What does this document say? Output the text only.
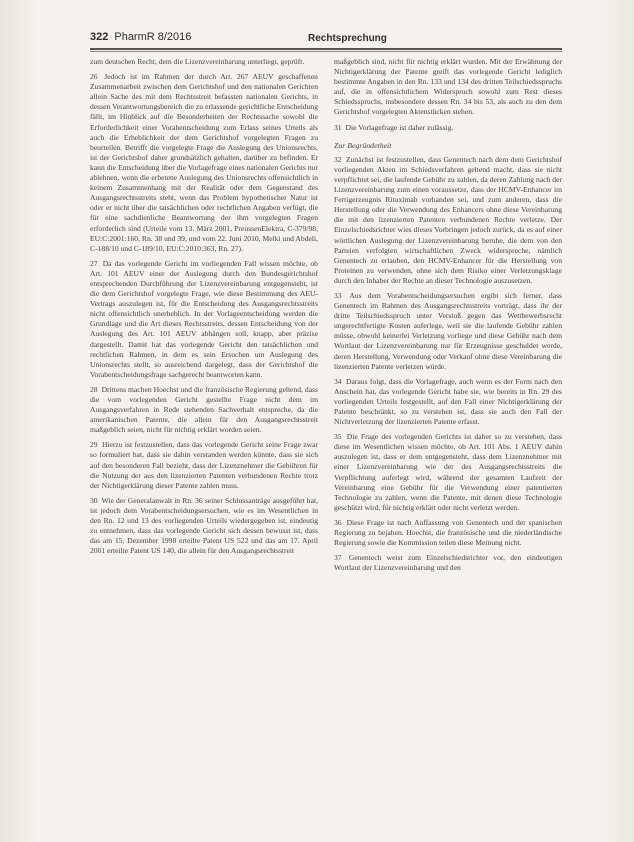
322 PharmR 8/2016	Rechtsprechung

zum deutschen Recht, dem die Lizenzvereinbarung unterliegt, geprüft.

26 Jedoch ist im Rahmen der durch Art. 267 AEUV geschaffenen Zusammenarbeit zwischen dem Gerichtshof und den nationalen Gerichten allein Sache des mit dem Rechtsstreit befassten nationalen Gerichts, in dessen Verantwortungsbereich die zu erlassende gerichtliche Entscheidung fällt, im Hinblick auf die Besonderheiten der Rechtssache sowohl die Erforderlichkeit einer Vorabentscheidung zum Erlass seines Urteils als auch die Erheblichkeit der dem Gerichtshof vorgelegten Fragen zu beurteilen. Betrifft die vorgelegte Frage die Auslegung des Unionsrechts, ist der Gerichtshof daher grundsätzlich gehalten, darüber zu befinden. Er kann die Entscheidung über die Vorlagefrage eines nationalen Gerichts nur ablehnen, wenn die erbetene Auslegung des Unionsrechts offensichtlich in keinem Zusammenhang mit der Realität oder dem Gegenstand des Ausgangsrechtsstreits steht, wenn das Problem hypothetischer Natur ist oder er nicht über die tatsächlichen oder rechtlichen Angaben verfügt, die für eine sachdienliche Beantwortung der ihm vorgelegten Fragen erforderlich sind (Urteile vom 13. März 2001, PreussenElektra, C-379/98, EU:C:2001:160, Rn. 38 und 39, und vom 22. Juni 2010, Melki und Abdeli, C-188/10 und C-189/10, EU:C:2010:363, Rn. 27).

27 Da das vorlegende Gericht im vorliegenden Fall wissen möchte, ob Art. 101 AEUV einer der Auslegung durch den Bundesgerichtshof entsprechenden Durchführung der Lizenzvereinbarung entgegensteht, ist die dem Gerichtshof vorgelegte Frage, wie diese Bestimmung des AEU-Vertrags auszulegen ist, für die Entscheidung des Ausgangsrechtsstreits nicht offensichtlich unerheblich. In der Vorlageentscheidung werden die Grundlage und die Art dieses Rechtsstreits, dessen Entscheidung von der Auslegung des Art. 101 AEUV abhängen soll, knapp, aber präzise dargestellt. Damit hat das vorlegende Gericht den tatsächlichen und rechtlichen Rahmen, in dem es sein Ersuchen um Auslegung des Unionsrechts stellt, so ausreichend dargelegt, dass der Gerichtshof die Vorabentscheidungsfrage sachgerecht beantworten kann.

28 Drittens machen Hoechst und die französische Regierung geltend, dass die vom vorlegenden Gericht gestellte Frage nicht dem im Ausgangsverfahren in Rede stehenden Sachverhalt entspreche, da die amerikanischen Patente, die allein für den Ausgangsrechtsstreit maßgeblich seien, nicht für nichtig erklärt worden seien.

29 Hierzu ist festzustellen, dass das vorlegende Gericht seine Frage zwar so formuliert hat, dass sie dahin verstanden werden könnte, dass sie sich auf den besonderen Fall bezieht, dass der Lizenznehmer die Gebühren für die Nutzung der aus den lizenzierten Patenten verbundenen Rechte trotz der Nichtigerklärung dieser Patente zahlen muss.

30 Wie der Generalanwalt in Rn. 36 seiner Schlussanträge ausgeführt hat, ist jedoch dem Vorabentscheidungsersuchen, wie es im Wesentlichen in den Rn. 12 und 13 des vorliegenden Urteils wiedergegeben ist, eindeutig zu entnehmen, dass das vorlegende Gericht sich dessen bewusst ist, dass das am 15. Dezember 1998 erteilte Patent US 522 und das am 17. April 2001 erteilte Patent US 140, die allein für den Ausgangsrechtsstreit

maßgeblich sind, nicht für nichtig erklärt wurden. Mit der Erwähnung der Nichtigerklärung der Patente greift das vorlegende Gericht lediglich bestimmte Angaben in den Rn. 133 und 134 des dritten Teilschiedsspruchs auf, die in offensichtlichem Widerspruch sowohl zum Rest dieses Schiedsspruchs, insbesondere dessen Rn. 34 bis 53, als auch zu den dem Gerichtshof vorgelegten Aktenstücken stehen.

31 Die Vorlagefrage ist daher zulässig.

Zur Begründetheit

32 Zunächst ist festzustellen, dass Genentech nach dem dem Gerichtshof vorliegenden Akten im Schiedsverfahren geltend macht, dass sie nicht verpflichtet sei, die laufende Gebühr zu zahlen, da deren Zahlung nach der Lizenzvereinbarung zum einen voraussetze, dass der HCMV-Enhancer im Fertigerzeugnis Rituximab vorhanden sei, und zum anderen, dass die Herstellung oder die Verwendung des Enhancers ohne diese Vereinbarung die mit den lizenzierten Patenten verbundenen Rechte verletze. Der Einzelschiedsrichter wies dieses Vorbringen jedoch zurück, da es auf einer wörtlichen Auslegung der Lizenzvereinbarung beruhe, die dem von den Parteien verfolgten wirtschaftlichen Zweck widerspreche, nämlich Genentech zu erlauben, den HCMV-Enhancer für die Herstellung von Proteinen zu verwenden, ohne sich dem Risiko einer Verletzungsklage durch den Inhaber der Rechte an dieser Technologie auszusetzen.

33 Aus dem Vorabentscheidungsersuchen ergibt sich ferner, dass Genentech im Rahmen des Ausgangsrechtsstreits vorträgt, dass ihr der dritte Teilschiedsspruch unter Verstoß gegen das Wettbewerbsrecht ungerechtfertigte Kosten auferlege, weil sie die laufende Gebühr zahlen müsse, obwohl keinerlei Verletzung vorliege und diese Gebühr nach dem Wortlaut der Lizenzvereinbarung nur für Erzeugnisse geschuldet werde, deren Herstellung, Verwendung oder Verkauf ohne diese Vereinbarung die lizenzierten Patente verletzen würde.

34 Daraus folgt, dass die Vorlagefrage, auch wenn es der Form nach den Anschein hat, das vorlegende Gericht habe sie, wie bereits in Rn. 29 des vorliegenden Urteils festgestellt, auf den Fall einer Nichtigerklärung der Patente beschränkt, so zu verstehen ist, dass sie auch den Fall der Nichtverletzung der lizenzierten Patente erfasst.

35 Die Frage des vorlegenden Gerichts ist daher so zu verstehen, dass diese im Wesentlichen wissen möchte, ob Art. 101 Abs. 1 AEUV dahin auszulegen ist, dass er dem entgegensteht, dass dem Lizenznehmer mit einer Lizenzvereinbarung wie der des Ausgangsrechtsstreits die Verpflichtung auferlegt wird, während der gesamten Laufzeit der Vereinbarung eine Gebühr für die Verwendung einer patentierten Technologie zu zahlen, wenn die Patente, mit denen diese Technologie geschützt wird, für nichtig erklärt oder nicht verletzt werden.

36 Diese Frage ist nach Auffassung von Genentech und der spanischen Regierung zu bejahen. Hoechst, die französische und die niederländische Regierung sowie die Kommission teilen diese Meinung nicht.

37 Genentech weist zum Einzelschiedsrichter vor, den eindeutigen Wortlaut der Lizenzvereinbarung und den
